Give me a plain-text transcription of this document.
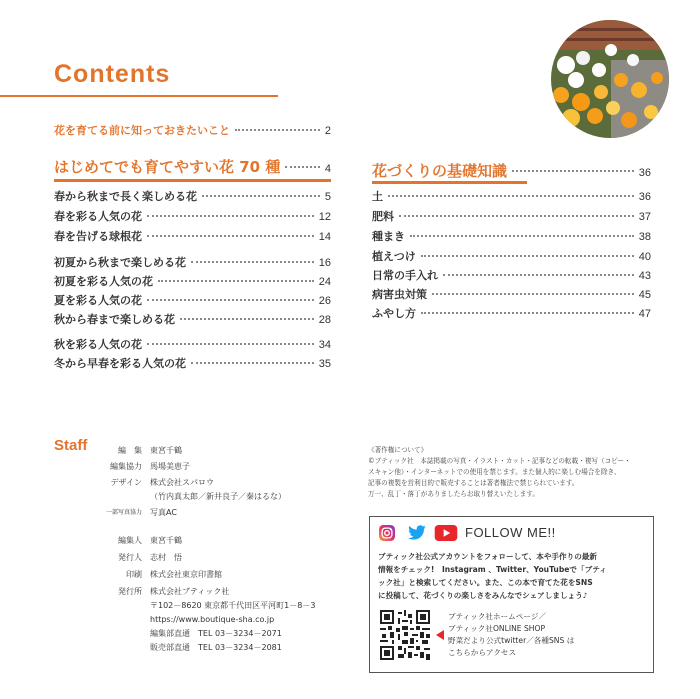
Contents
花を育てる前に知っておきたいこと	2
はじめてでも育てやすい花 70 種	4
春から秋まで長く楽しめる花	5
春を彩る人気の花	12
春を告げる球根花	14
初夏から秋まで楽しめる花	16
初夏を彩る人気の花	24
夏を彩る人気の花	26
秋から春まで楽しめる花	28
秋を彩る人気の花	34
冬から早春を彩る人気の花	35
花づくりの基礎知識	36
土	36
肥料	37
種まき	38
植えつけ	40
日常の手入れ	43
病害虫対策	45
ふやし方	47
Staff	編　集 東宮千鶴
編集協力 馬場美恵子
デザイン 株式会社スパロウ
（竹内真太郎／新井良子／秦はるな）
一部写真協力 写真AC
編集人 東宮千鶴
発行人 志村　悟
印刷 株式会社東京印書館
発行所 株式会社ブティック社
〒102－8620 東京都千代田区平河町1－8－3
https://www.boutique-sha.co.jp
編集部直通　TEL 03－3234－2071
販売部直通　TEL 03－3234－2081
《著作権について》
©ブティック社　本誌掲載の写真・イラスト・カット・記事などの転載・複写（コピー・
スキャン他）・インターネットでの使用を禁じます。また個人的に楽しむ場合を除き、
記事の複製を営利目的で販売することは著者権法で禁じられています。
万一、乱丁・落丁がありましたらお取り替えいたします。
FOLLOW ME!!
ブティック社公式アカウントをフォローして、本や手作りの最新
情報をチェック!　Instagram 、Twitter、YouTubeで「ブティ
ック社」と検索してください。また、この本で育てた花をSNS
に投稿して、花づくりの楽しさをみんなでシェアしましょう♪
ブティック社ホームページ／
ブティック社ONLINE SHOP
野菜だより公式twitter／各種SNS は
こちらからアクセス
